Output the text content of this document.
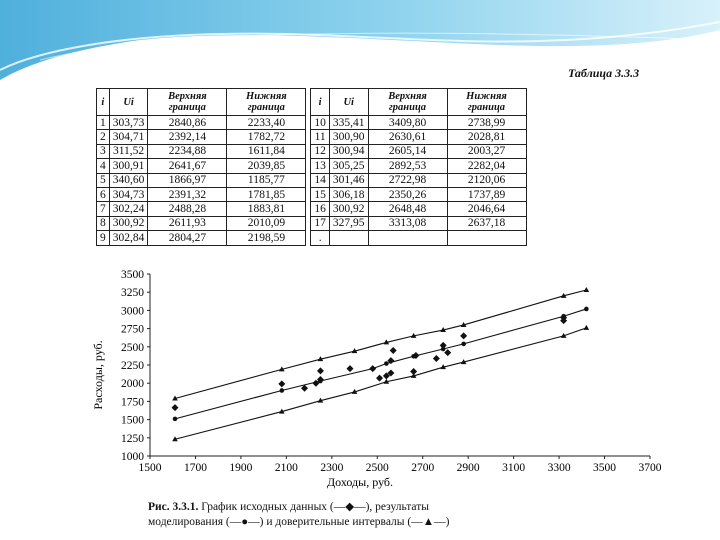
Таблица 3.3.3
i	Ui	Верхняя граница	Нижняя граница		i	Ui	Верхняя граница	Нижняя граница
1	303,73	2840,86	2233,40		10	335,41	3409,80	2738,99
2	304,71	2392,14	1782,72		11	300,90	2630,61	2028,81
3	311,52	2234,88	1611,84		12	300,94	2605,14	2003,27
4	300,91	2641,67	2039,85		13	305,25	2892,53	2282,04
5	340,60	1866,97	1185,77		14	301,46	2722,98	2120,06
6	304,73	2391,32	1781,85		15	306,18	2350,26	1737,89
7	302,24	2488,28	1883,81		16	300,92	2648,48	2046,64
8	300,92	2611,93	2010,09		17	327,95	3313,08	2637,18
9	302,84	2804,27	2198,59		.			
1500 1700 1900 2100 2300 2500 2700 2900 3100 3300 3500 3700
1000
1250
1500
1750
2000
2250
2500
2750
3000
3250
3500
Доходы, руб.
Расходы, руб.
Рис. 3.3.1. График исходных данных (—◆—), результаты
моделирования (—●—) и доверительные интервалы (—▲—)
